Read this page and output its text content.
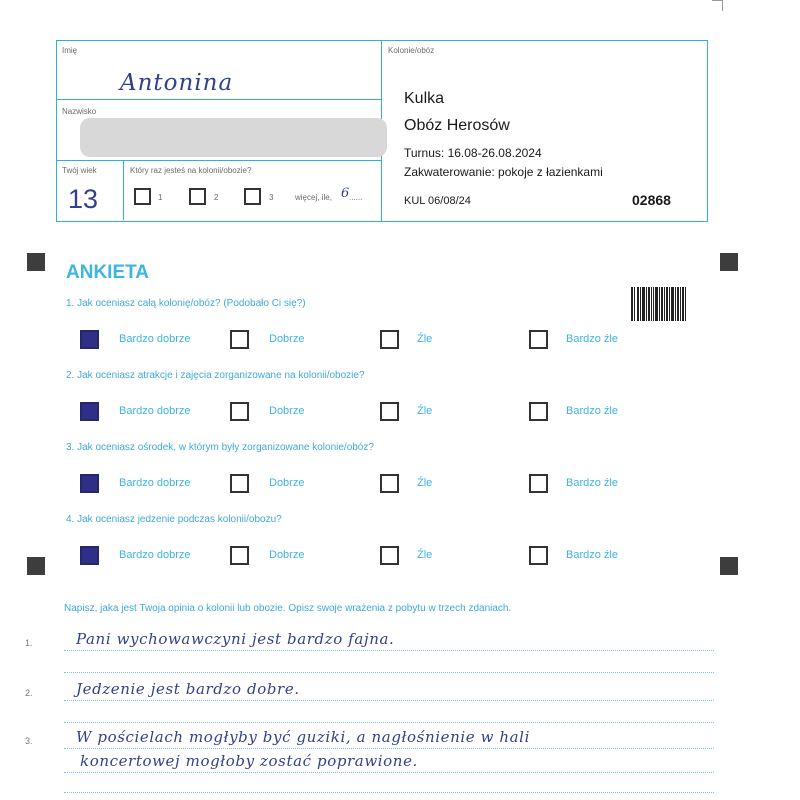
Imię
Antonina
Nazwisko
Twój wiek
13
Który raz jesteś na kolonii/obozie?
1	2	3	więcej, ile, 6 ......
Kolonie/obóz
Kulka
Obóz Herosów
Turnus: 16.08-26.08.2024
Zakwaterowanie: pokoje z łazienkami
KUL 06/08/24	02868
ANKIETA
1. Jak oceniasz całą kolonię/obóz? (Podobało Ci się?)
Bardzo dobrze	Dobrze	Źle	Bardzo źle
2. Jak oceniasz atrakcje i zajęcia zorganizowane na kolonii/obozie?
Bardzo dobrze	Dobrze	Źle	Bardzo źle
3. Jak oceniasz ośrodek, w którym były zorganizowane kolonie/obóz?
Bardzo dobrze	Dobrze	Źle	Bardzo źle
4. Jak oceniasz jedzenie podczas kolonii/obozu?
Bardzo dobrze	Dobrze	Źle	Bardzo źle
Napisz, jaka jest Twoja opinia o kolonii lub obozie. Opisz swoje wrażenia z pobytu w trzech zdaniach.
1.	Pani wychowawczyni jest bardzo fajna.
2.	Jedzenie jest bardzo dobre.
3.	W pościelach mogłyby być guziki, a nagłośnienie w hali
koncertowej mogłoby zostać poprawione.
